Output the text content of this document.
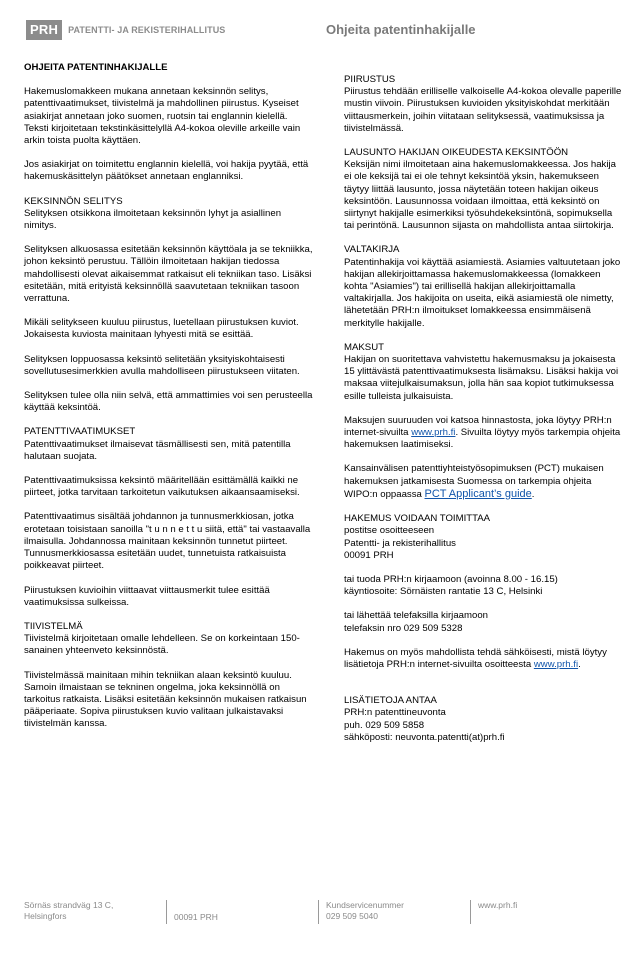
PRH	PATENTTI- JA REKISTERIHALLITUS	Ohjeita patentinhakijalle
OHJEITA PATENTINHAKIJALLE

Hakemuslomakkeen mukana annetaan keksinnön selitys, patenttivaatimukset, tiivistelmä ja mahdollinen piirustus. Kyseiset asiakirjat annetaan joko suomen, ruotsin tai englannin kielellä. Teksti kirjoitetaan tekstinkäsittelyllä A4-kokoa oleville arkeille vain arkin toista puolta käyttäen.

Jos asiakirjat on toimitettu englannin kielellä, voi hakija pyytää, että hakemuskäsittelyn päätökset annetaan englanniksi.

KEKSINNÖN SELITYS

Selityksen otsikkona ilmoitetaan keksinnön lyhyt ja asiallinen nimitys.

Selityksen alkuosassa esitetään keksinnön käyttöala ja se tekniikka, johon keksintö perustuu. Tällöin ilmoitetaan hakijan tiedossa mahdollisesti olevat aikaisemmat ratkaisut eli tekniikan taso. Lisäksi esitetään, mitä erityistä keksinnöllä saavutetaan tekniikan tasoon verrattuna.

Mikäli selitykseen kuuluu piirustus, luetellaan piirustuksen kuviot. Jokaisesta kuviosta mainitaan lyhyesti mitä se esittää.

Selityksen loppuosassa keksintö selitetään yksityiskohtaisesti sovellutusesimerkkien avulla mahdolliseen piirustukseen viitaten.

Selityksen tulee olla niin selvä, että ammattimies voi sen perusteella käyttää keksintöä.

PATENTTIVAATIMUKSET

Patenttivaatimukset ilmaisevat täsmällisesti sen, mitä patentilla halutaan suojata.

Patenttivaatimuksissa keksintö määritellään esittämällä kaikki ne piirteet, jotka tarvitaan tarkoitetun vaikutuksen aikaansaamiseksi.

Patenttivaatimus sisältää johdannon ja tunnusmerkkiosan, jotka erotetaan toisistaan sanoilla "t u n n e t t u siitä, että" tai vastaavalla ilmaisulla. Johdannossa mainitaan keksinnön tunnetut piirteet. Tunnusmerkkiosassa esitetään uudet, tunnetuista ratkaisuista poikkeavat piirteet.

Piirustuksen kuvioihin viittaavat viittausmerkit tulee esittää vaatimuksissa sulkeissa.

TIIVISTELMÄ

Tiivistelmä kirjoitetaan omalle lehdelleen. Se on korkeintaan 150-sanainen yhteenveto keksinnöstä.

Tiivistelmässä mainitaan mihin tekniikan alaan keksintö kuuluu. Samoin ilmaistaan se tekninen ongelma, joka keksinnöllä on tarkoitus ratkaista. Lisäksi esitetään keksinnön mukaisen ratkaisun pääperiaate. Sopiva piirustuksen kuvio valitaan julkaistavaksi tiivistelmän kanssa.

PIIRUSTUS

Piirustus tehdään erilliselle valkoiselle A4-kokoa olevalle paperille mustin viivoin. Piirustuksen kuvioiden yksityiskohdat merkitään viittausmerkein, joihin viitataan selityksessä, vaatimuksissa ja tiivistelmässä.

LAUSUNTO HAKIJAN OIKEUDESTA KEKSINTÖÖN

Keksijän nimi ilmoitetaan aina hakemuslomakkeessa. Jos hakija ei ole keksijä tai ei ole tehnyt keksintöä yksin, hakemukseen täytyy liittää lausunto, jossa näytetään toteen hakijan oikeus keksintöön. Lausunnossa voidaan ilmoittaa, että keksintö on siirtynyt hakijalle esimerkiksi työsuhdekeksintönä, sopimuksella tai perintönä. Lausunnon sijasta on mahdollista antaa siirtokirja.

VALTAKIRJA

Patentinhakija voi käyttää asiamiestä. Asiamies valtuutetaan joko hakijan allekirjoittamassa hakemuslomakkeessa (lomakkeen kohta "Asiamies") tai erillisellä hakijan allekirjoittamalla valtakirjalla. Jos hakijoita on useita, eikä asiamiestä ole nimetty, lähetetään PRH:n ilmoitukset lomakkeessa ensimmäisenä merkitylle hakijalle.

MAKSUT

Hakijan on suoritettava vahvistettu hakemusmaksu ja jokaisesta 15 ylittävästä patenttivaatimuksesta lisämaksu. Lisäksi hakija voi maksaa viitejulkaisumaksun, jolla hän saa kopiot tutkimuksessa esille tulleista julkaisuista.

Maksujen suuruuden voi katsoa hinnastosta, joka löytyy PRH:n internet-sivuilta www.prh.fi. Sivuilta löytyy myös tarkempia ohjeita hakemuksen laatimiseksi.

Kansainvälisen patenttiyhteistyösopimuksen (PCT) mukaisen hakemuksen jatkamisesta Suomessa on tarkempia ohjeita WIPO:n oppaassa PCT Applicant’s guide.

HAKEMUS VOIDAAN TOIMITTAA

postitse osoitteeseen
Patentti- ja rekisterihallitus
00091 PRH

tai tuoda PRH:n kirjaamoon (avoinna 8.00 - 16.15)
käyntiosoite: Sörnäisten rantatie 13 C, Helsinki

tai lähettää telefaksilla kirjaamoon
telefaksin nro 029 509 5328

Hakemus on myös mahdollista tehdä sähköisesti, mistä löytyy lisätietoja PRH:n internet-sivuilta osoitteesta www.prh.fi.

LISÄTIETOJA ANTAA

PRH:n patenttineuvonta
puh. 029 509 5858
sähköposti: neuvonta.patentti(at)prh.fi

Sörnäs strandväg 13 C,
Helsingfors	00091 PRH
Kundservicenummer
029 509 5040
www.prh.fi
